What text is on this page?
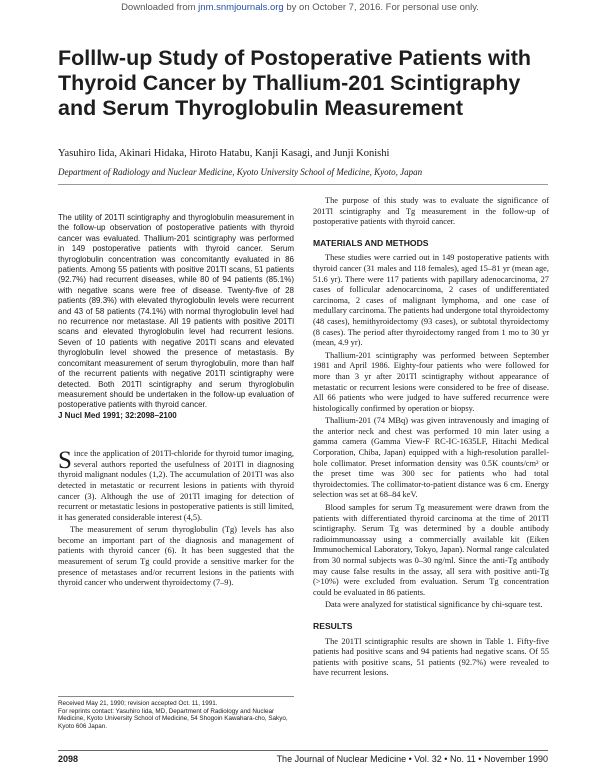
Downloaded from jnm.snmjournals.org by on October 7, 2016. For personal use only.
Folllw-up Study of Postoperative Patients with Thyroid Cancer by Thallium-201 Scintigraphy and Serum Thyroglobulin Measurement

Yasuhiro Iida, Akinari Hidaka, Hiroto Hatabu, Kanji Kasagi, and Junji Konishi

Department of Radiology and Nuclear Medicine, Kyoto University School of Medicine, Kyoto, Japan

The utility of 201Tl scintigraphy and thyroglobulin measurement in the follow-up observation of postoperative patients with thyroid cancer was evaluated. Thallium-201 scintigraphy was performed in 149 postoperative patients with thyroid cancer. Serum thyroglobulin concentration was concomitantly evaluated in 86 patients. Among 55 patients with positive 201Tl scans, 51 patients (92.7%) had recurrent diseases, while 80 of 94 patients (85.1%) with negative scans were free of disease. Twenty-five of 28 patients (89.3%) with elevated thyroglobulin levels were recurrent and 43 of 58 patients (74.1%) with normal thyroglobulin level had no recurrence nor metastase. All 19 patients with positive 201Tl scans and elevated thyroglobulin level had recurrent lesions. Seven of 10 patients with negative 201Tl scans and elevated thyroglobulin level showed the presence of metastasis. By concomitant measurement of serum thyroglobulin, more than half of the recurrent patients with negative 201Tl scintigraphy were detected. Both 201Tl scintigraphy and serum thyroglobulin measurement should be undertaken in the follow-up evaluation of postoperative patients with thyroid cancer.

J Nucl Med 1991; 32:2098–2100

Since the application of 201Tl-chloride for thyroid tumor imaging, several authors reported the usefulness of 201Tl in diagnosing thyroid malignant nodules (1,2). The accumulation of 201Tl was also detected in metastatic or recurrent lesions in patients with thyroid cancer (3). Although the use of 201Tl imaging for detection of recurrent or metastatic lesions in postoperative patients is still limited, it has generated considerable interest (4,5).

The measurement of serum thyroglobulin (Tg) levels has also become an important part of the diagnosis and management of patients with thyroid cancer (6). It has been suggested that the measurement of serum Tg could provide a sensitive marker for the presence of metastases and/or recurrent lesions in the patients with thyroid cancer who underwent thyroidectomy (7–9).

The purpose of this study was to evaluate the significance of 201Tl scintigraphy and Tg measurement in the follow-up of postoperative patients with thyroid cancer.

MATERIALS AND METHODS

These studies were carried out in 149 postoperative patients with thyroid cancer (31 males and 118 females), aged 15–81 yr (mean age, 51.6 yr). There were 117 patients with papillary adenocarcinoma, 27 cases of follicular adenocarcinoma, 2 cases of undifferentiated carcinoma, 2 cases of malignant lymphoma, and one case of medullary carcinoma. The patients had undergone total thyroidectomy (48 cases), hemithyroidectomy (93 cases), or subtotal thyroidectomy (8 cases). The period after thyroidectomy ranged from 1 mo to 30 yr (mean, 4.9 yr).

Thallium-201 scintigraphy was performed between September 1981 and April 1986. Eighty-four patients who were followed for more than 3 yr after 201Tl scintigraphy without appearance of metastatic or recurrent lesions were considered to be free of disease. All 66 patients who were judged to have suffered recurrence were histologically confirmed by operation or biopsy.

Thallium-201 (74 MBq) was given intravenously and imaging of the anterior neck and chest was performed 10 min later using a gamma camera (Gamma View-F RC-IC-1635LF, Hitachi Medical Corporation, Chiba, Japan) equipped with a high-resolution parallel-hole collimator. Preset information density was 0.5K counts/cm² or the preset time was 300 sec for patients who had total thyroidectomies. The collimator-to-patient distance was 6 cm. Energy selection was set at 68–84 keV.

Blood samples for serum Tg measurement were drawn from the patients with differentiated thyroid carcinoma at the time of 201Tl scintigraphy. Serum Tg was determined by a double antibody radioimmunoassay using a commercially available kit (Eiken Immunochemical Laboratory, Tokyo, Japan). Normal range calculated from 30 normal subjects was 0–30 ng/ml. Since the anti-Tg antibody may cause false results in the assay, all sera with positive anti-Tg (>10%) were excluded from evaluation. Serum Tg concentration could be evaluated in 86 patients.

Data were analyzed for statistical significance by chi-square test.

RESULTS

The 201Tl scintigraphic results are shown in Table 1. Fifty-five patients had positive scans and 94 patients had negative scans. Of 55 patients with positive scans, 51 patients (92.7%) were revealed to have recurrent lesions.

Received May 21, 1990; revision accepted Oct. 11, 1991.

For reprints contact: Yasuhiro Iida, MD, Department of Radiology and Nuclear Medicine, Kyoto University School of Medicine, 54 Shogoin Kawahara-cho, Sakyo, Kyoto 606 Japan.

2098	The Journal of Nuclear Medicine • Vol. 32 • No. 11 • November 1990
